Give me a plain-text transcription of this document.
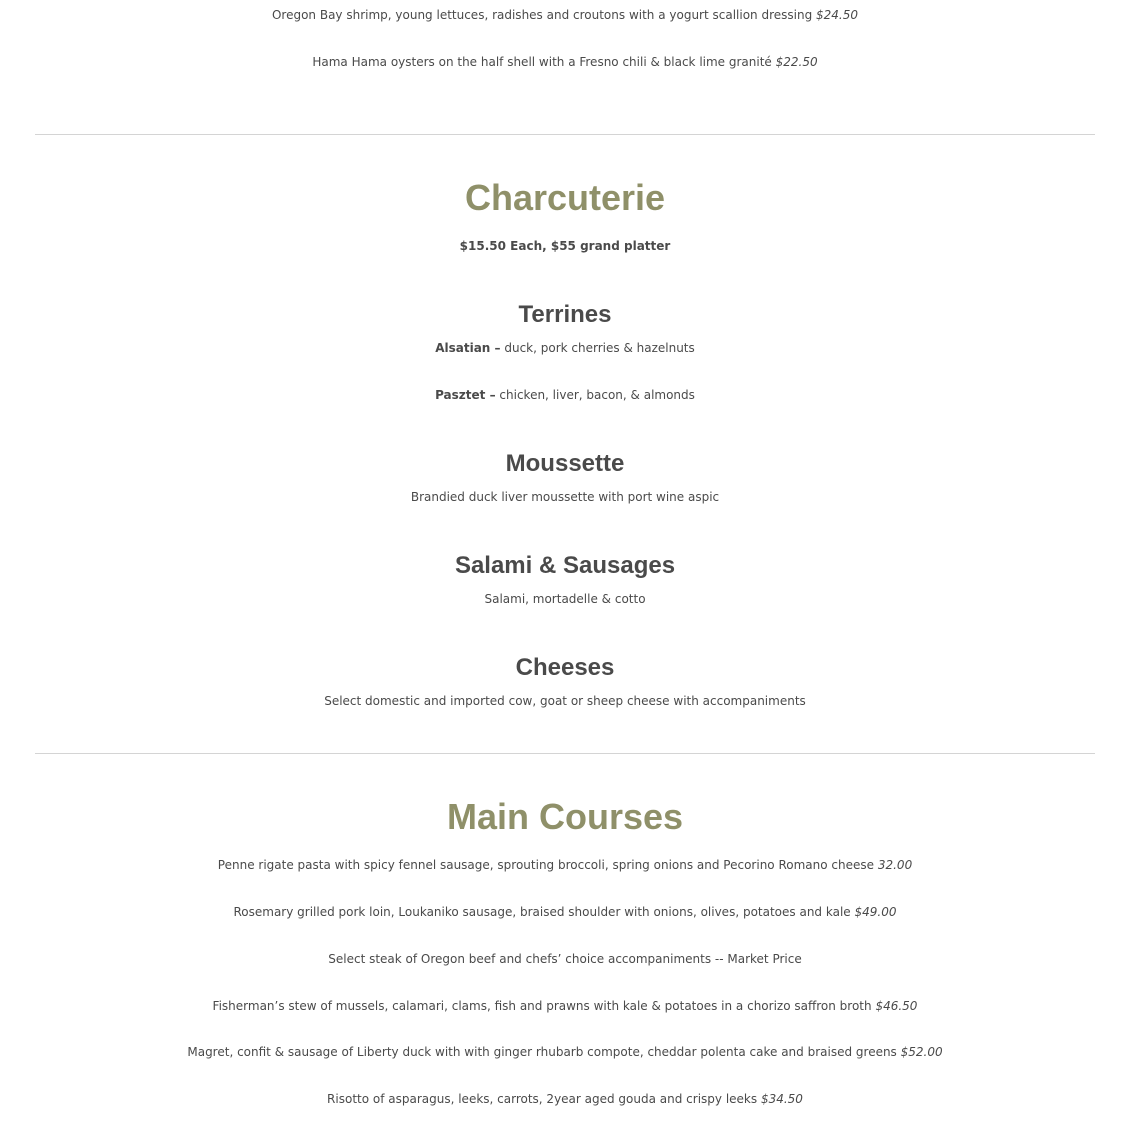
Oregon Bay shrimp, young lettuces, radishes and croutons with a yogurt scallion dressing $24.50
Hama Hama oysters on the half shell with a Fresno chili & black lime granité $22.50
Charcuterie
$15.50 Each, $55 grand platter
Terrines
Alsatian – duck, pork cherries & hazelnuts
Pasztet – chicken, liver, bacon, & almonds
Moussette
Brandied duck liver moussette with port wine aspic
Salami & Sausages
Salami, mortadelle & cotto
Cheeses
Select domestic and imported cow, goat or sheep cheese with accompaniments
Main Courses
Penne rigate pasta with spicy fennel sausage, sprouting broccoli, spring onions and Pecorino Romano cheese 32.00
Rosemary grilled pork loin, Loukaniko sausage, braised shoulder with onions, olives, potatoes and kale $49.00
Select steak of Oregon beef and chefs’ choice accompaniments -- Market Price
Fisherman’s stew of mussels, calamari, clams, fish and prawns with kale & potatoes in a chorizo saffron broth $46.50
Magret, confit & sausage of Liberty duck with with ginger rhubarb compote, cheddar polenta cake and braised greens $52.00
Risotto of asparagus, leeks, carrots, 2year aged gouda and crispy leeks $34.50
